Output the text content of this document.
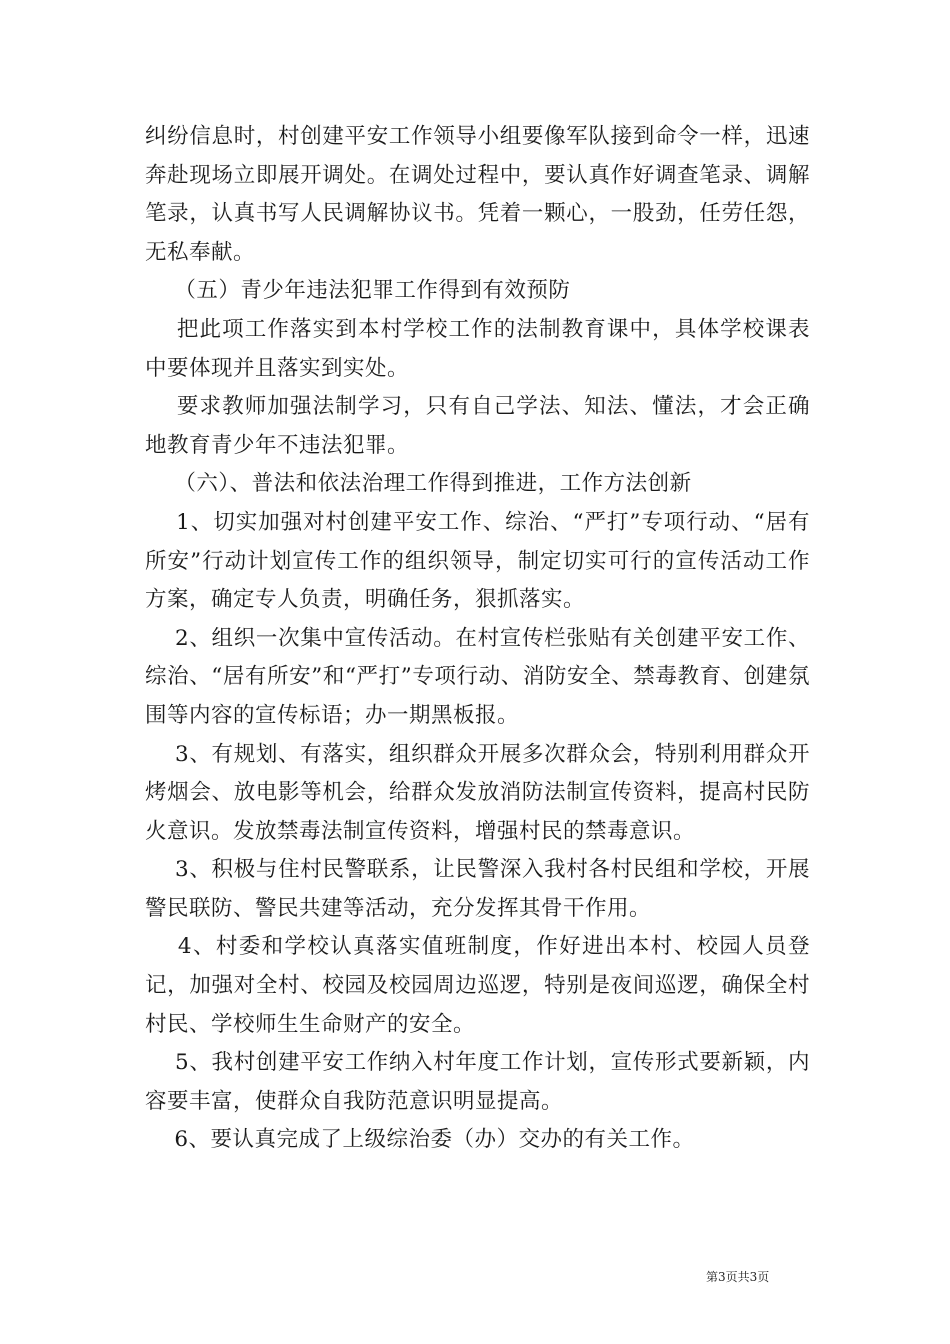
纠纷信息时，村创建平安工作领导小组要像军队接到命令一样，迅速奔赴现场立即展开调处。在调处过程中，要认真作好调查笔录、调解笔录，认真书写人民调解协议书。凭着一颗心，一股劲，任劳任怨，无私奉献。

（五）青少年违法犯罪工作得到有效预防

把此项工作落实到本村学校工作的法制教育课中，具体学校课表中要体现并且落实到实处。

要求教师加强法制学习，只有自己学法、知法、懂法，才会正确地教育青少年不违法犯罪。

（六）、普法和依法治理工作得到推进，工作方法创新

1、切实加强对村创建平安工作、综治、“严打”专项行动、“居有所安”行动计划宣传工作的组织领导，制定切实可行的宣传活动工作方案，确定专人负责，明确任务，狠抓落实。

2、组织一次集中宣传活动。在村宣传栏张贴有关创建平安工作、综治、“居有所安”和“严打”专项行动、消防安全、禁毒教育、创建氛围等内容的宣传标语；办一期黑板报。

3、有规划、有落实，组织群众开展多次群众会，特别利用群众开烤烟会、放电影等机会，给群众发放消防法制宣传资料，提高村民防火意识。发放禁毒法制宣传资料，增强村民的禁毒意识。

3、积极与住村民警联系，让民警深入我村各村民组和学校，开展警民联防、警民共建等活动，充分发挥其骨干作用。

4、村委和学校认真落实值班制度，作好进出本村、校园人员登记，加强对全村、校园及校园周边巡逻，特别是夜间巡逻，确保全村村民、学校师生生命财产的安全。

5、我村创建平安工作纳入村年度工作计划，宣传形式要新颖，内容要丰富，使群众自我防范意识明显提高。

6、要认真完成了上级综治委（办）交办的有关工作。

第3页共3页
